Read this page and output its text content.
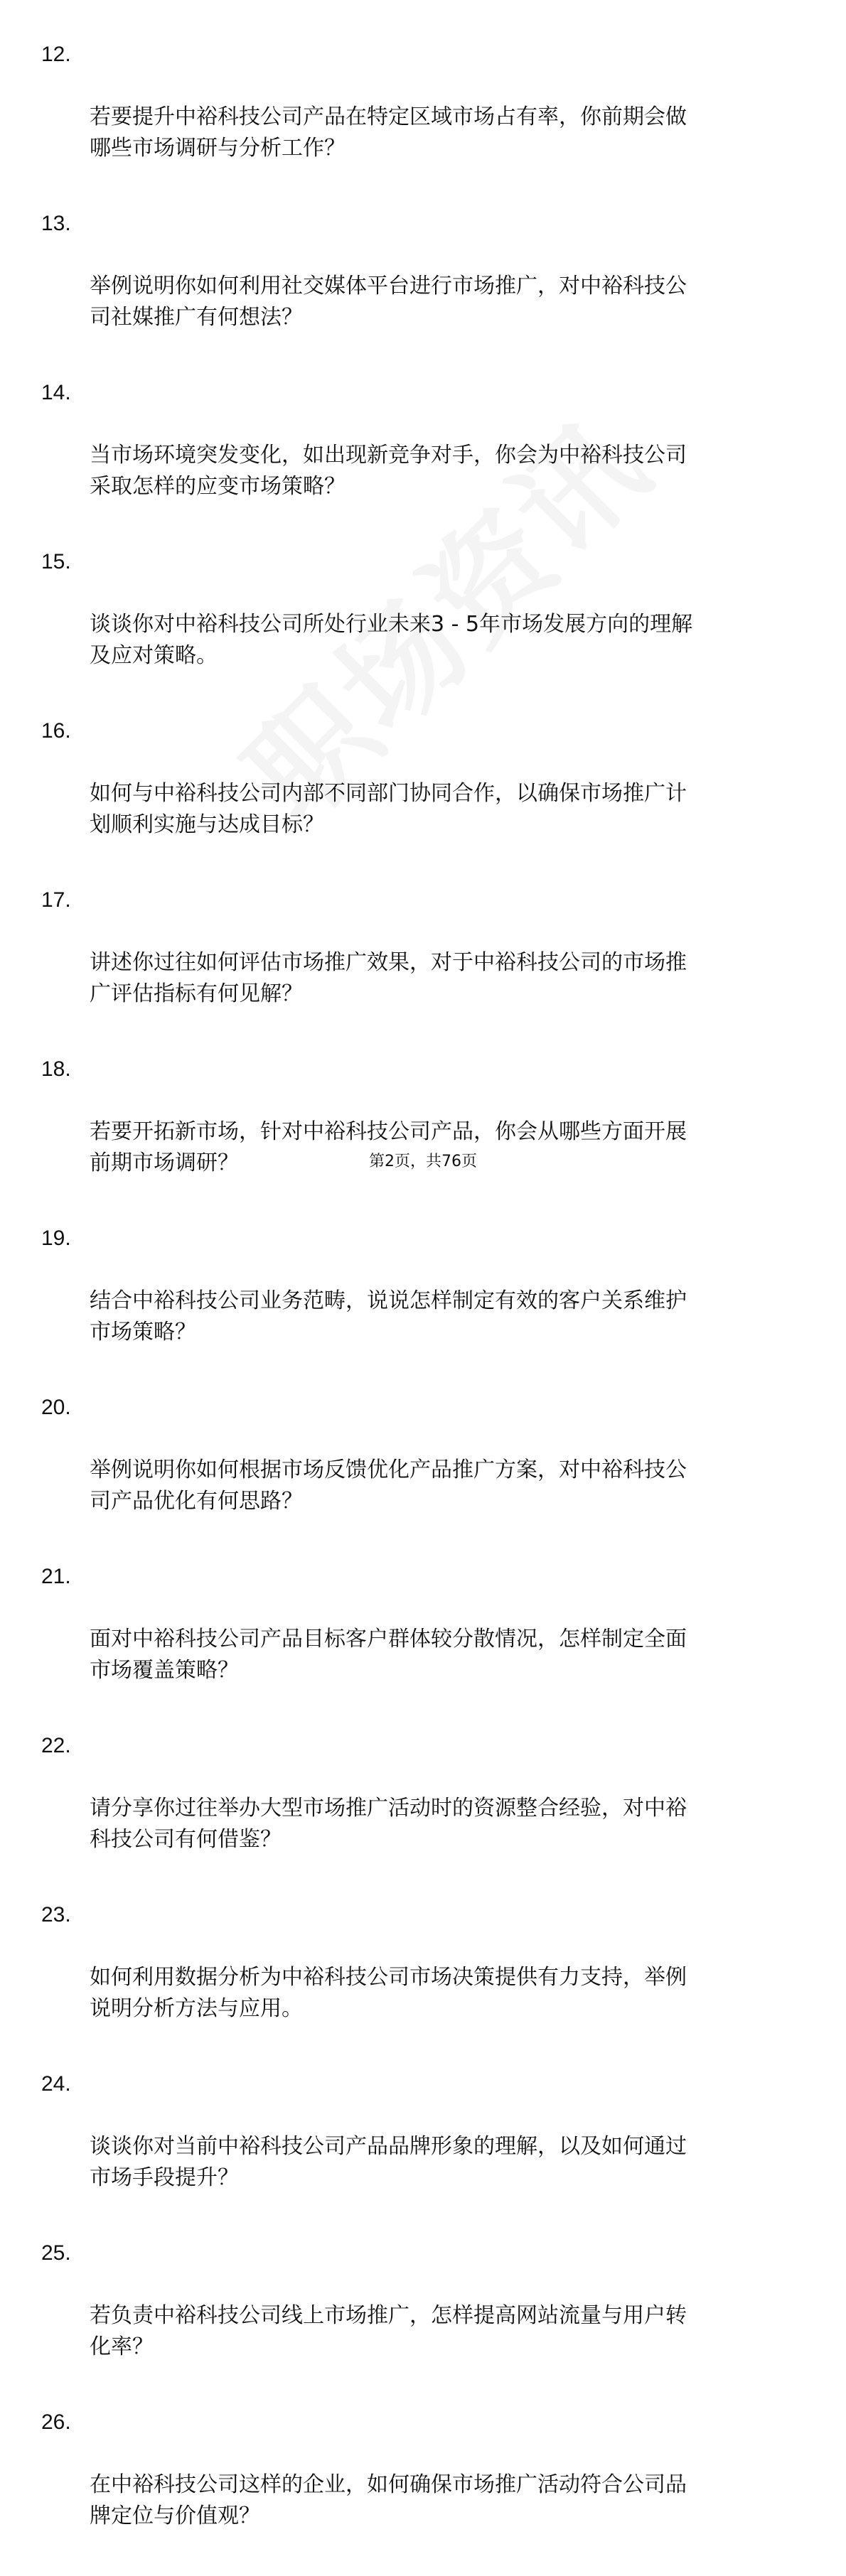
12.

若要提升中裕科技公司产品在特定区域市场占有率，你前期会做
哪些市场调研与分析工作？

13.

举例说明你如何利用社交媒体平台进行市场推广，对中裕科技公
司社媒推广有何想法？

14.

当市场环境突发变化，如出现新竞争对手，你会为中裕科技公司
采取怎样的应变市场策略？

15.

谈谈你对中裕科技公司所处行业未来3 - 5年市场发展方向的理解
及应对策略。

16.

如何与中裕科技公司内部不同部门协同合作，以确保市场推广计
划顺利实施与达成目标？

17.

讲述你过往如何评估市场推广效果，对于中裕科技公司的市场推
广评估指标有何见解？

18.

若要开拓新市场，针对中裕科技公司产品，你会从哪些方面开展
前期市场调研？

19.

结合中裕科技公司业务范畴，说说怎样制定有效的客户关系维护
市场策略？

20.

举例说明你如何根据市场反馈优化产品推广方案，对中裕科技公
司产品优化有何思路？

21.

面对中裕科技公司产品目标客户群体较分散情况，怎样制定全面
市场覆盖策略？

22.

请分享你过往举办大型市场推广活动时的资源整合经验，对中裕
科技公司有何借鉴？

23.

如何利用数据分析为中裕科技公司市场决策提供有力支持，举例
说明分析方法与应用。

24.

谈谈你对当前中裕科技公司产品品牌形象的理解，以及如何通过
市场手段提升？

25.

若负责中裕科技公司线上市场推广，怎样提高网站流量与用户转
化率？

26.

在中裕科技公司这样的企业，如何确保市场推广活动符合公司品
牌定位与价值观？

第2页，共76页
